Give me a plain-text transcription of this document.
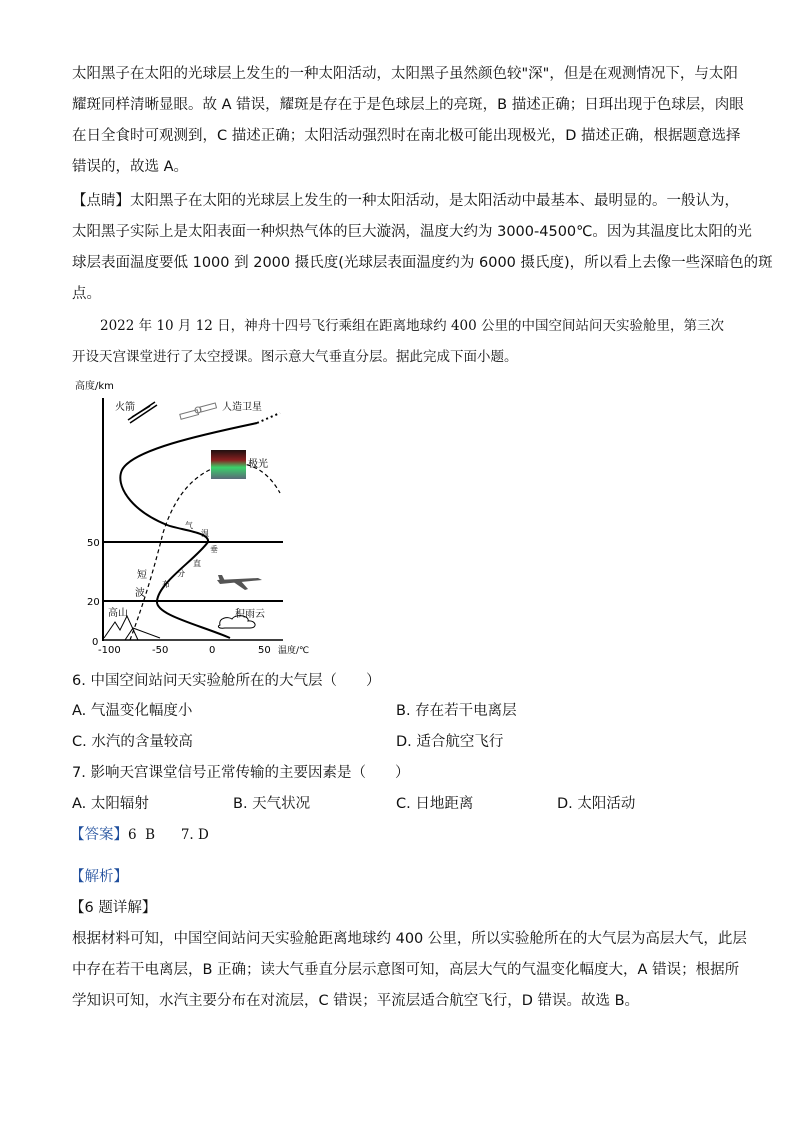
太阳黑子在太阳的光球层上发生的一种太阳活动，太阳黑子虽然颜色较"深"，但是在观测情况下，与太阳
耀斑同样清晰显眼。故 A 错误，耀斑是存在于是色球层上的亮斑，B 描述正确；日珥出现于色球层，肉眼
在日全食时可观测到，C 描述正确；太阳活动强烈时在南北极可能出现极光，D 描述正确，根据题意选择
错误的，故选 A。
【点睛】太阳黑子在太阳的光球层上发生的一种太阳活动，是太阳活动中最基本、最明显的。一般认为，
太阳黑子实际上是太阳表面一种炽热气体的巨大漩涡，温度大约为 3000-4500℃。因为其温度比太阳的光
球层表面温度要低 1000 到 2000 摄氏度(光球层表面温度约为 6000 摄氏度)，所以看上去像一些深暗色的斑
点。
2022 年 10 月 12 日，神舟十四号飞行乘组在距离地球约 400 公里的中国空间站问天实验舱里，第三次
开设天宫课堂进行了太空授课。图示意大气垂直分层。据此完成下面小题。
高度/km
0
20
50
-100	-50	0	50 温度/℃
火箭	人造卫星
极光
积雨云
高山
短
波
气
温
垂
直
分
布
6. 中国空间站问天实验舱所在的大气层（　　）
A. 气温变化幅度小	B. 存在若干电离层
C. 水汽的含量较高	D. 适合航空飞行
7. 影响天宫课堂信号正常传输的主要因素是（　　）
A. 太阳辐射	B. 天气状况	C. 日地距离	D. 太阳活动
【答案】6  B      7. D
【解析】
【6 题详解】
根据材料可知，中国空间站问天实验舱距离地球约 400 公里，所以实验舱所在的大气层为高层大气，此层
中存在若干电离层，B 正确；读大气垂直分层示意图可知，高层大气的气温变化幅度大，A 错误；根据所
学知识可知，水汽主要分布在对流层，C 错误；平流层适合航空飞行，D 错误。故选 B。
